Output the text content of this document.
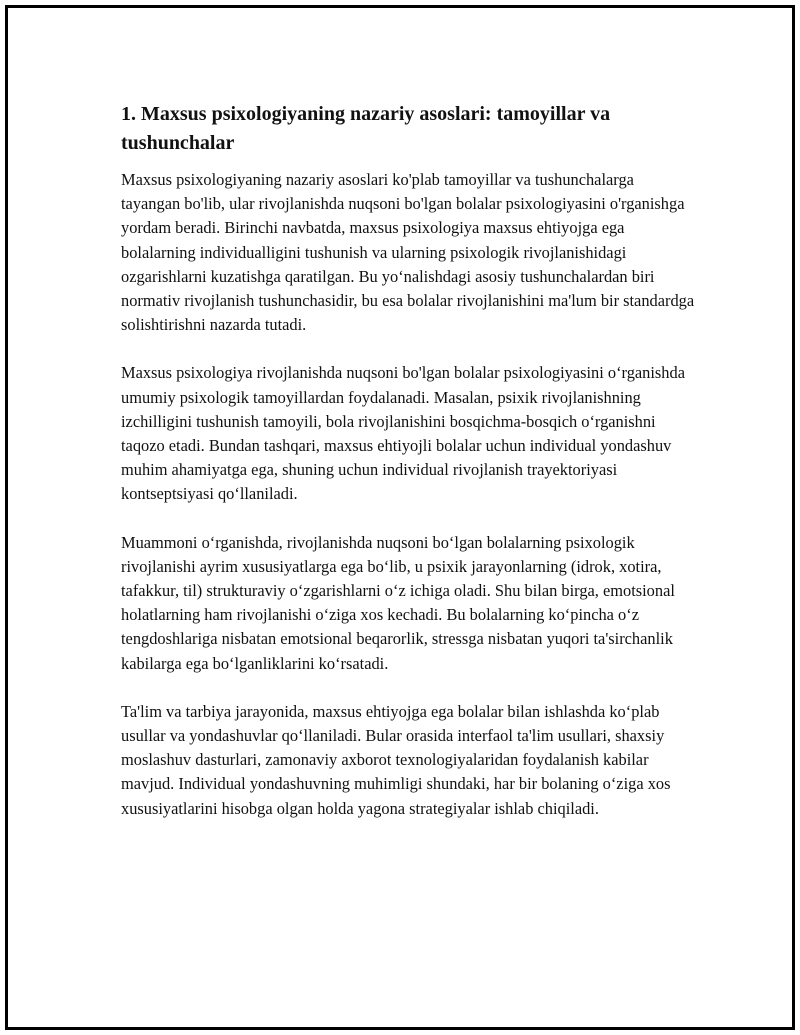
1. Maxsus psixologiyaning nazariy asoslari: tamoyillar va tushunchalar

Maxsus psixologiyaning nazariy asoslari ko'plab tamoyillar va tushunchalarga tayangan bo'lib, ular rivojlanishda nuqsoni bo'lgan bolalar psixologiyasini o'rganishga yordam beradi. Birinchi navbatda, maxsus psixologiya maxsus ehtiyojga ega bolalarning individualligini tushunish va ularning psixologik rivojlanishidagi ozgarishlarni kuzatishga qaratilgan. Bu yo‘nalishdagi asosiy tushunchalardan biri normativ rivojlanish tushunchasidir, bu esa bolalar rivojlanishini ma'lum bir standardga solishtirishni nazarda tutadi.

Maxsus psixologiya rivojlanishda nuqsoni bo'lgan bolalar psixologiyasini o‘rganishda umumiy psixologik tamoyillardan foydalanadi. Masalan, psixik rivojlanishning izchilligini tushunish tamoyili, bola rivojlanishini bosqichma-bosqich o‘rganishni taqozo etadi. Bundan tashqari, maxsus ehtiyojli bolalar uchun individual yondashuv muhim ahamiyatga ega, shuning uchun individual rivojlanish trayektoriyasi kontseptsiyasi qo‘llaniladi.

Muammoni o‘rganishda, rivojlanishda nuqsoni bo‘lgan bolalarning psixologik rivojlanishi ayrim xususiyatlarga ega bo‘lib, u psixik jarayonlarning (idrok, xotira, tafakkur, til) strukturaviy o‘zgarishlarni o‘z ichiga oladi. Shu bilan birga, emotsional holatlarning ham rivojlanishi o‘ziga xos kechadi. Bu bolalarning ko‘pincha o‘z tengdoshlariga nisbatan emotsional beqarorlik, stressga nisbatan yuqori ta'sirchanlik kabilarga ega bo‘lganliklarini ko‘rsatadi.

Ta'lim va tarbiya jarayonida, maxsus ehtiyojga ega bolalar bilan ishlashda ko‘plab usullar va yondashuvlar qo‘llaniladi. Bular orasida interfaol ta'lim usullari, shaxsiy moslashuv dasturlari, zamonaviy axborot texnologiyalaridan foydalanish kabilar mavjud. Individual yondashuvning muhimligi shundaki, har bir bolaning o‘ziga xos xususiyatlarini hisobga olgan holda yagona strategiyalar ishlab chiqiladi.
